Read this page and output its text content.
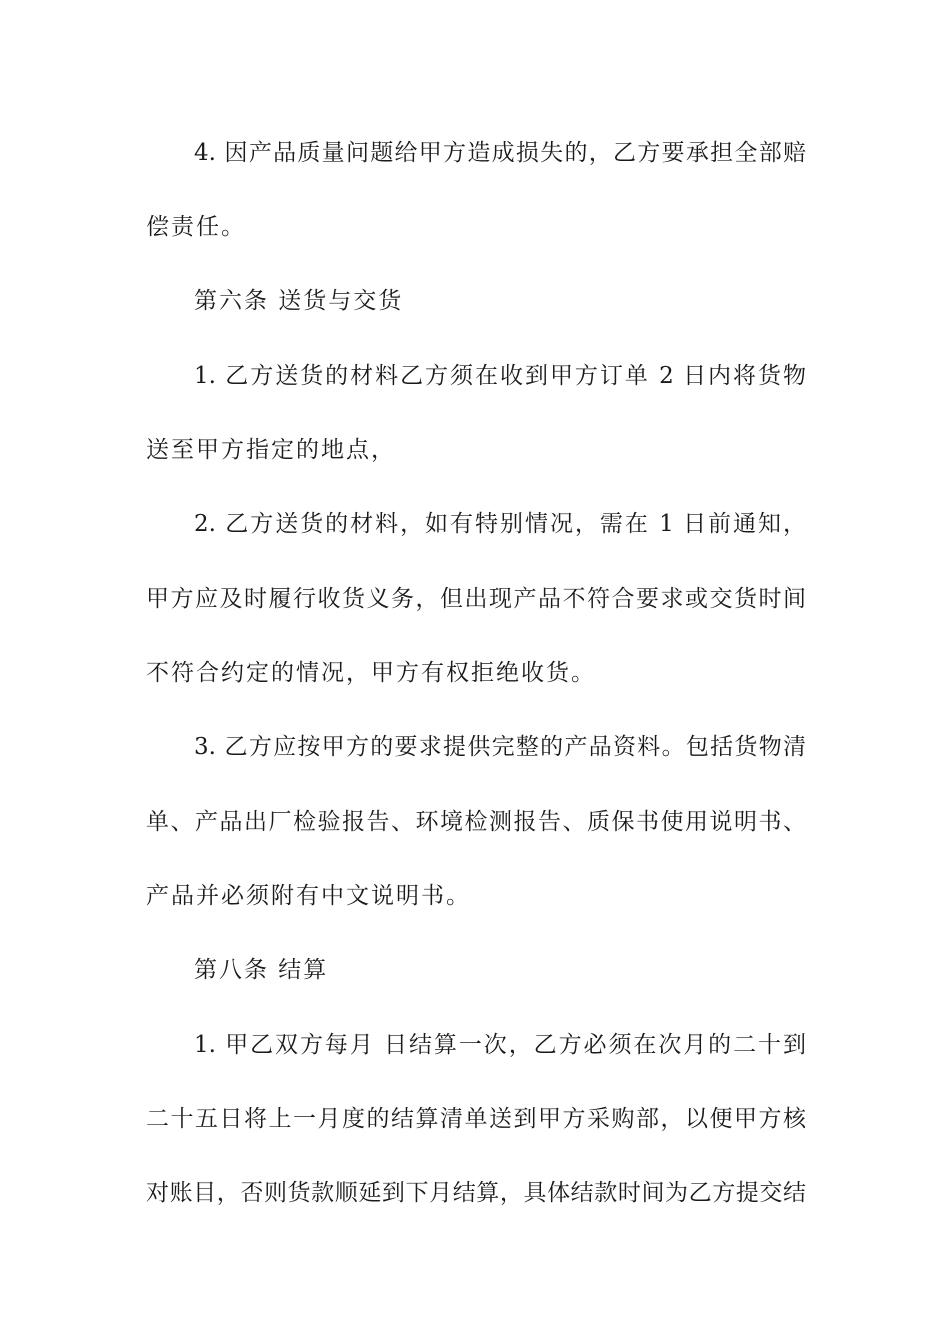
4. 因产品质量问题给甲方造成损失的，乙方要承担全部赔
偿责任。
第六条 送货与交货
1. 乙方送货的材料乙方须在收到甲方订单 2 日内将货物
送至甲方指定的地点，
2. 乙方送货的材料，如有特别情况，需在 1 日前通知，
甲方应及时履行收货义务，但出现产品不符合要求或交货时间
不符合约定的情况，甲方有权拒绝收货。
3. 乙方应按甲方的要求提供完整的产品资料。包括货物清
单、产品出厂检验报告、环境检测报告、质保书使用说明书、
产品并必须附有中文说明书。
第八条 结算
1. 甲乙双方每月 日结算一次，乙方必须在次月的二十到
二十五日将上一月度的结算清单送到甲方采购部，以便甲方核
对账目，否则货款顺延到下月结算，具体结款时间为乙方提交结
